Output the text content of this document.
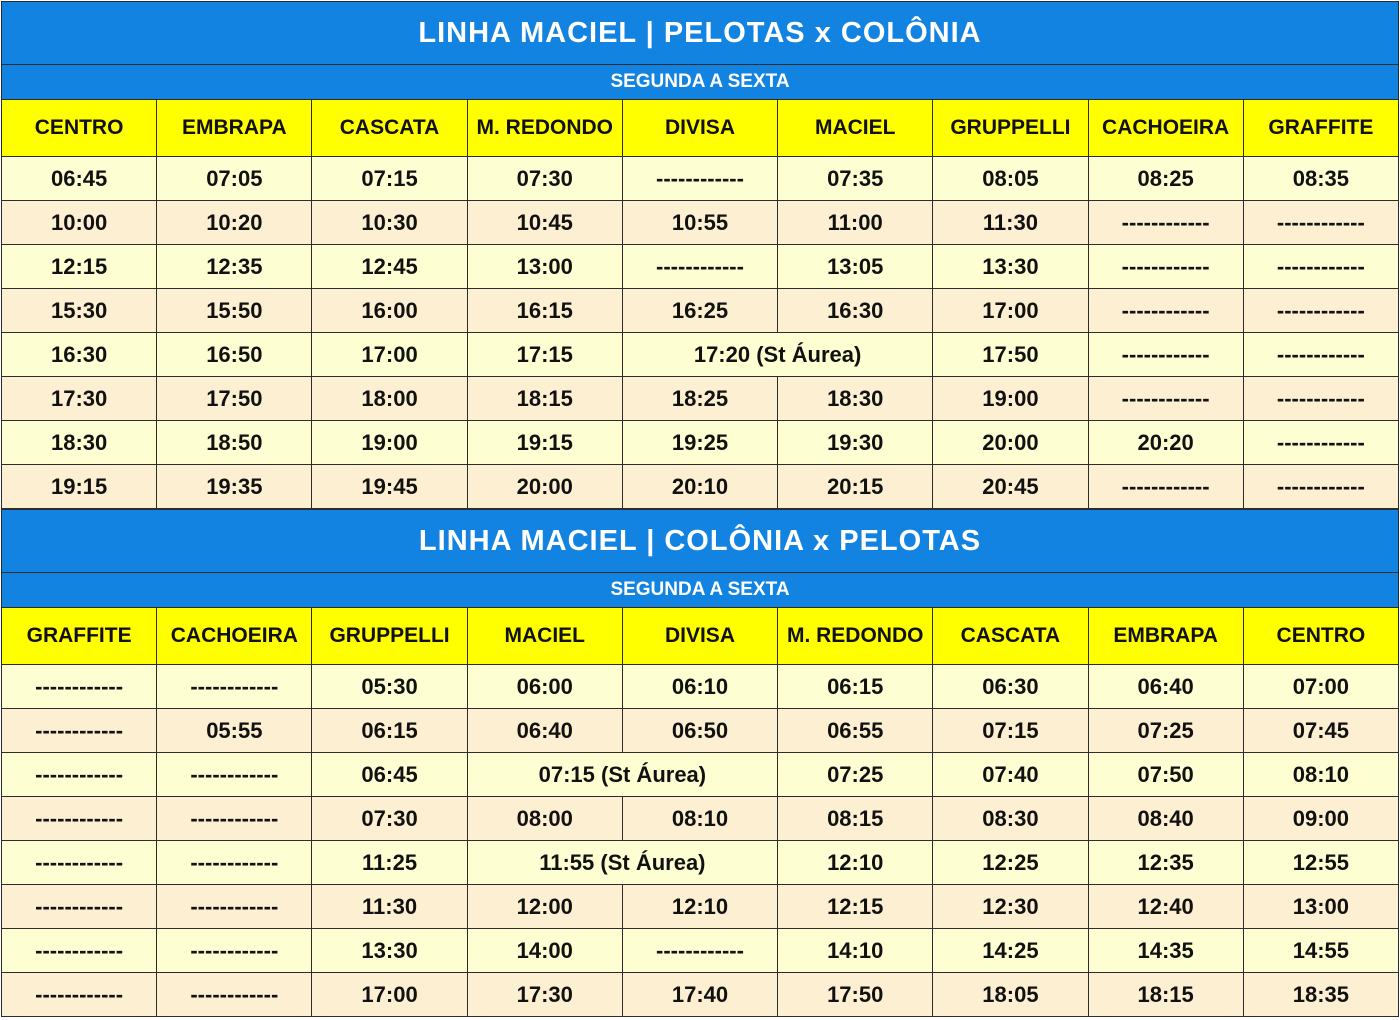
LINHA MACIEL | PELOTAS x COLÔNIA								
SEGUNDA A SEXTA								
CENTRO	EMBRAPA	CASCATA	M. REDONDO	DIVISA	MACIEL	GRUPPELLI	CACHOEIRA	GRAFFITE
06:45	07:05	07:15	07:30	------------	07:35	08:05	08:25	08:35
10:00	10:20	10:30	10:45	10:55	11:00	11:30	------------	------------
12:15	12:35	12:45	13:00	------------	13:05	13:30	------------	------------
15:30	15:50	16:00	16:15	16:25	16:30	17:00	------------	------------
16:30	16:50	17:00	17:15	17:20 (St Áurea)		17:50	------------	------------
17:30	17:50	18:00	18:15	18:25	18:30	19:00	------------	------------
18:30	18:50	19:00	19:15	19:25	19:30	20:00	20:20	------------
19:15	19:35	19:45	20:00	20:10	20:15	20:45	------------	------------
LINHA MACIEL | COLÔNIA x PELOTAS								
SEGUNDA A SEXTA								
GRAFFITE	CACHOEIRA	GRUPPELLI	MACIEL	DIVISA	M. REDONDO	CASCATA	EMBRAPA	CENTRO
------------	------------	05:30	06:00	06:10	06:15	06:30	06:40	07:00
------------	05:55	06:15	06:40	06:50	06:55	07:15	07:25	07:45
------------	------------	06:45	07:15 (St Áurea)		07:25	07:40	07:50	08:10
------------	------------	07:30	08:00	08:10	08:15	08:30	08:40	09:00
------------	------------	11:25	11:55 (St Áurea)		12:10	12:25	12:35	12:55
------------	------------	11:30	12:00	12:10	12:15	12:30	12:40	13:00
------------	------------	13:30	14:00	------------	14:10	14:25	14:35	14:55
------------	------------	17:00	17:30	17:40	17:50	18:05	18:15	18:35
